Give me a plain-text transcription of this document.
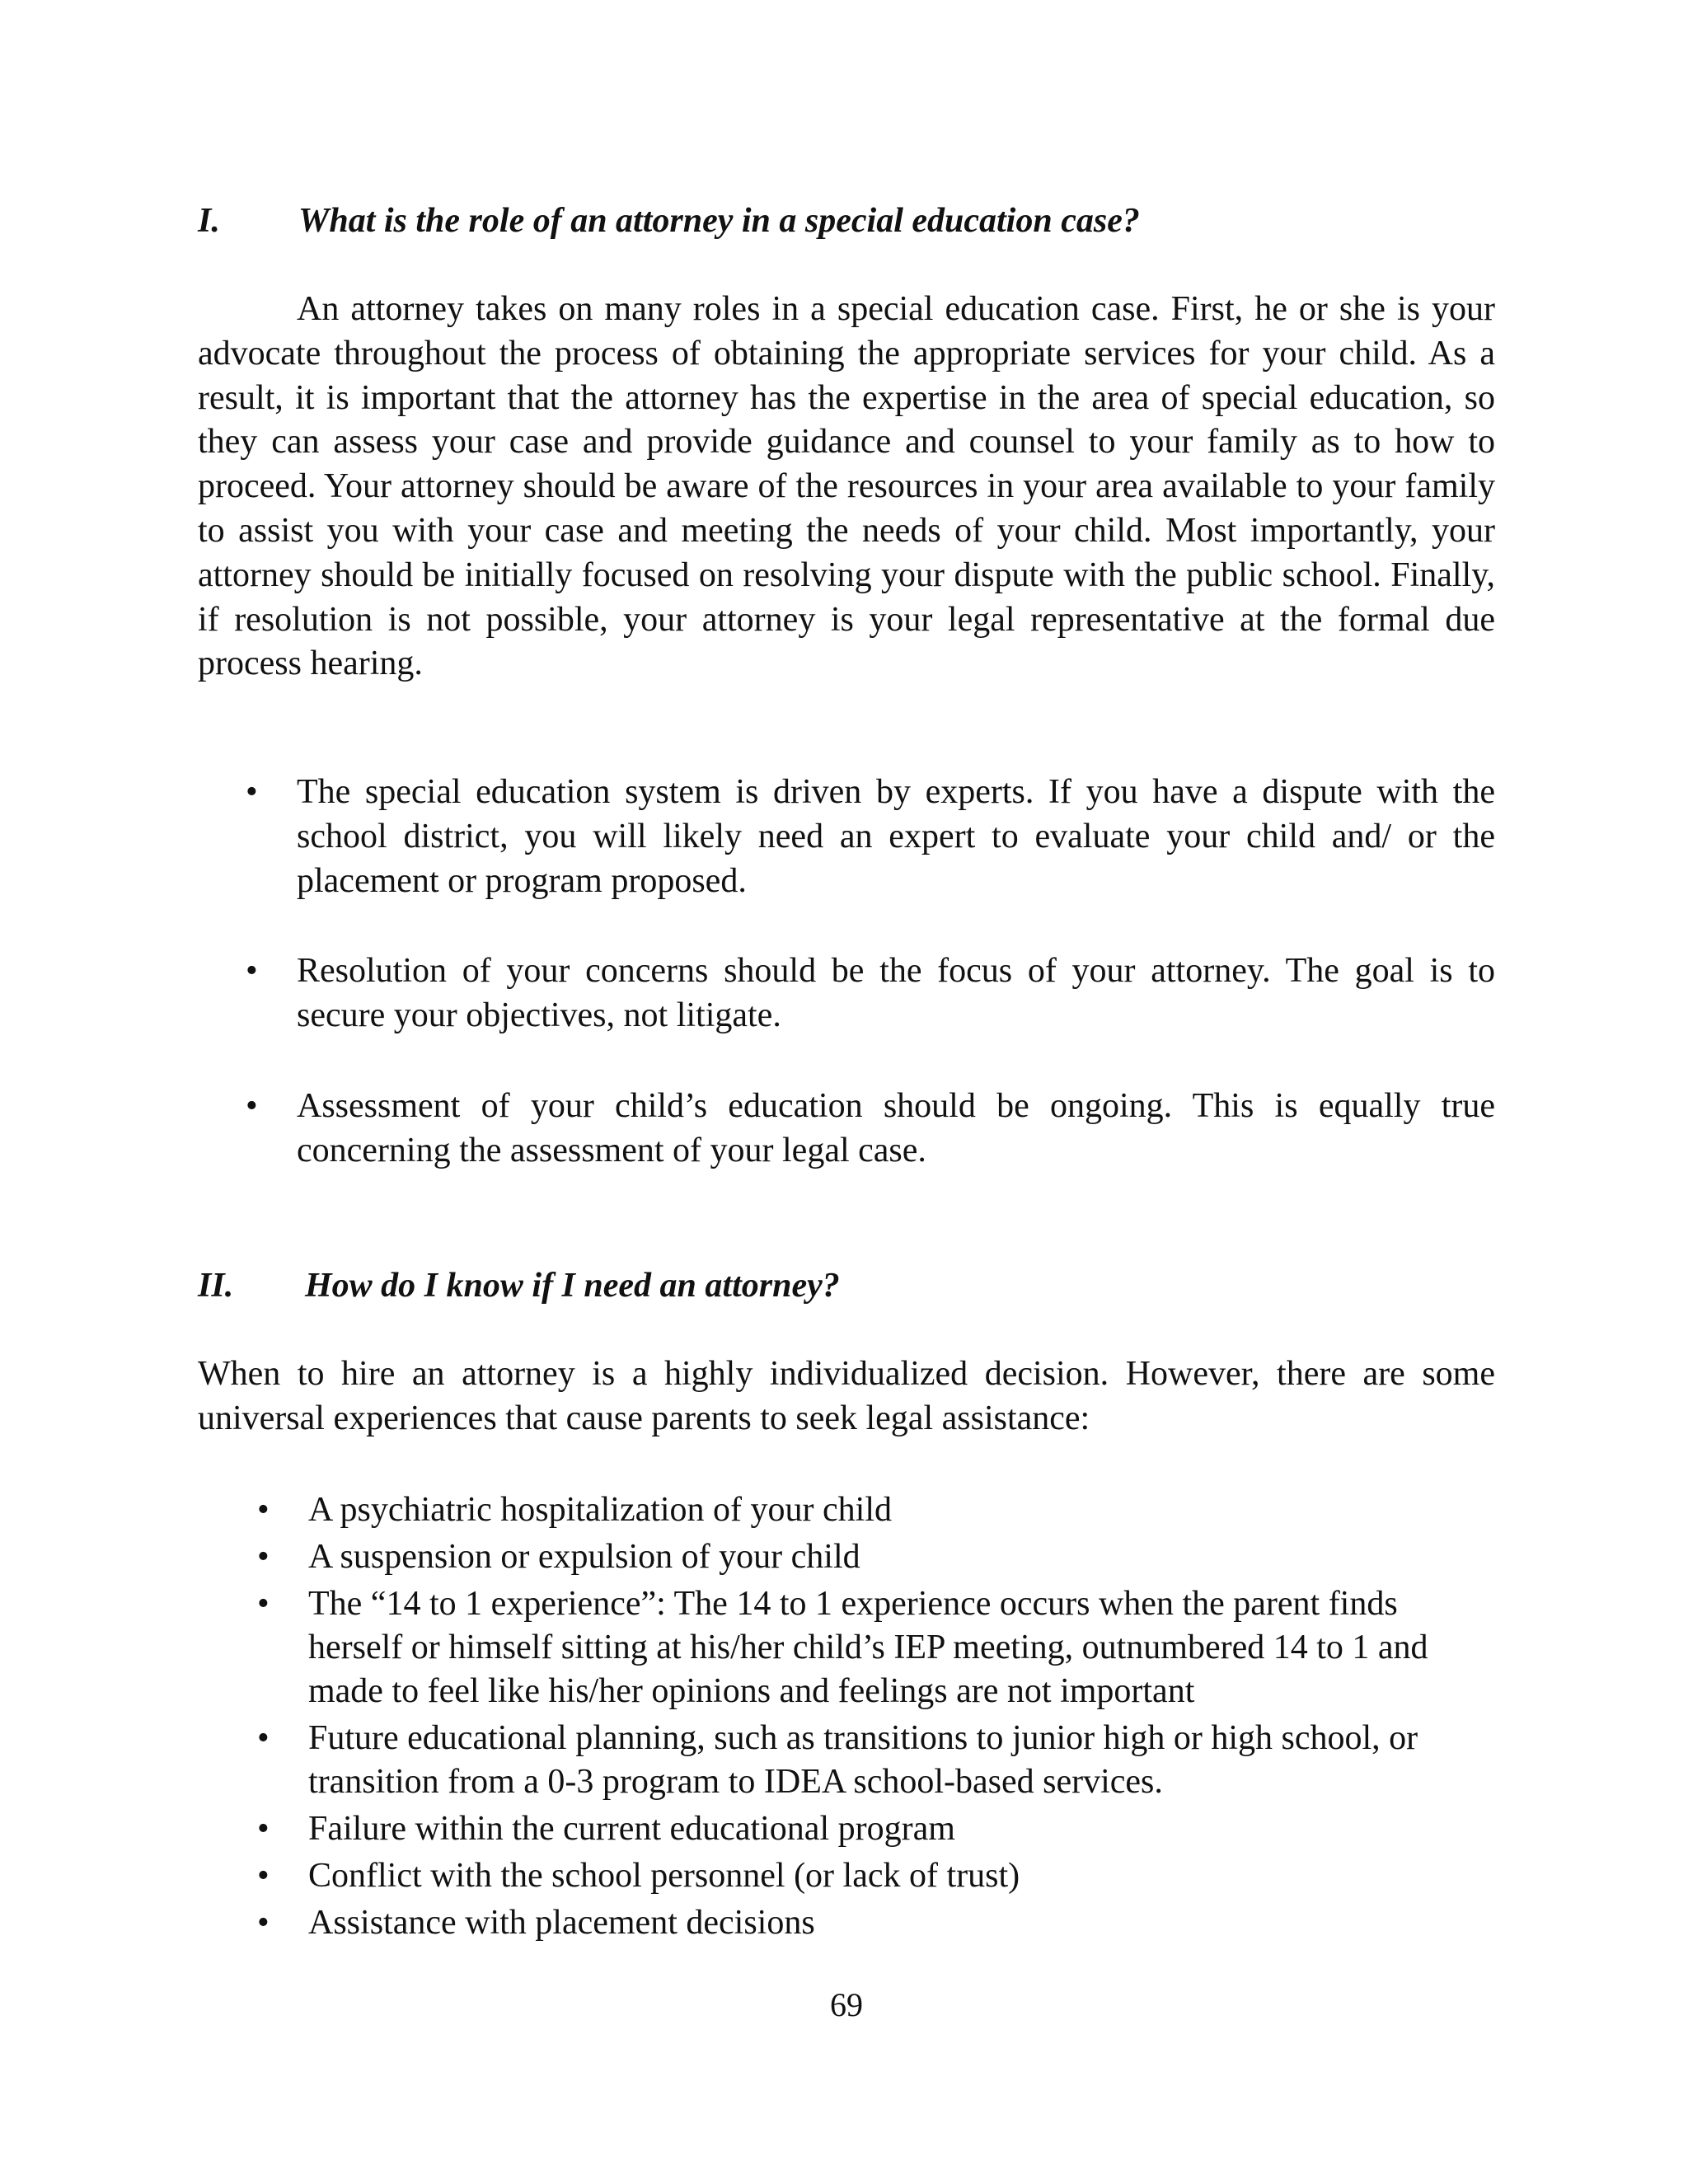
I. What is the role of an attorney in a special education case?

An attorney takes on many roles in a special education case. First, he or she is your advocate throughout the process of obtaining the appropriate services for your child. As a result, it is important that the attorney has the expertise in the area of special education, so they can assess your case and provide guidance and counsel to your family as to how to proceed. Your attorney should be aware of the resources in your area available to your family to assist you with your case and meeting the needs of your child. Most importantly, your attorney should be initially focused on resolving your dispute with the public school. Finally, if resolution is not possible, your attorney is your legal representative at the formal due process hearing.

• The special education system is driven by experts. If you have a dispute with the school district, you will likely need an expert to evaluate your child and/ or the placement or program proposed.
• Resolution of your concerns should be the focus of your attorney. The goal is to secure your objectives, not litigate.
• Assessment of your child’s education should be ongoing. This is equally true concerning the assessment of your legal case.
II. How do I know if I need an attorney?

When to hire an attorney is a highly individualized decision. However, there are some universal experiences that cause parents to seek legal assistance:

• A psychiatric hospitalization of your child
• A suspension or expulsion of your child
• The “14 to 1 experience”: The 14 to 1 experience occurs when the parent finds herself or himself sitting at his/her child’s IEP meeting, outnumbered 14 to 1 and made to feel like his/her opinions and feelings are not important
• Future educational planning, such as transitions to junior high or high school, or transition from a 0-3 program to IDEA school-based services.
• Failure within the current educational program
• Conflict with the school personnel (or lack of trust)
• Assistance with placement decisions
69
